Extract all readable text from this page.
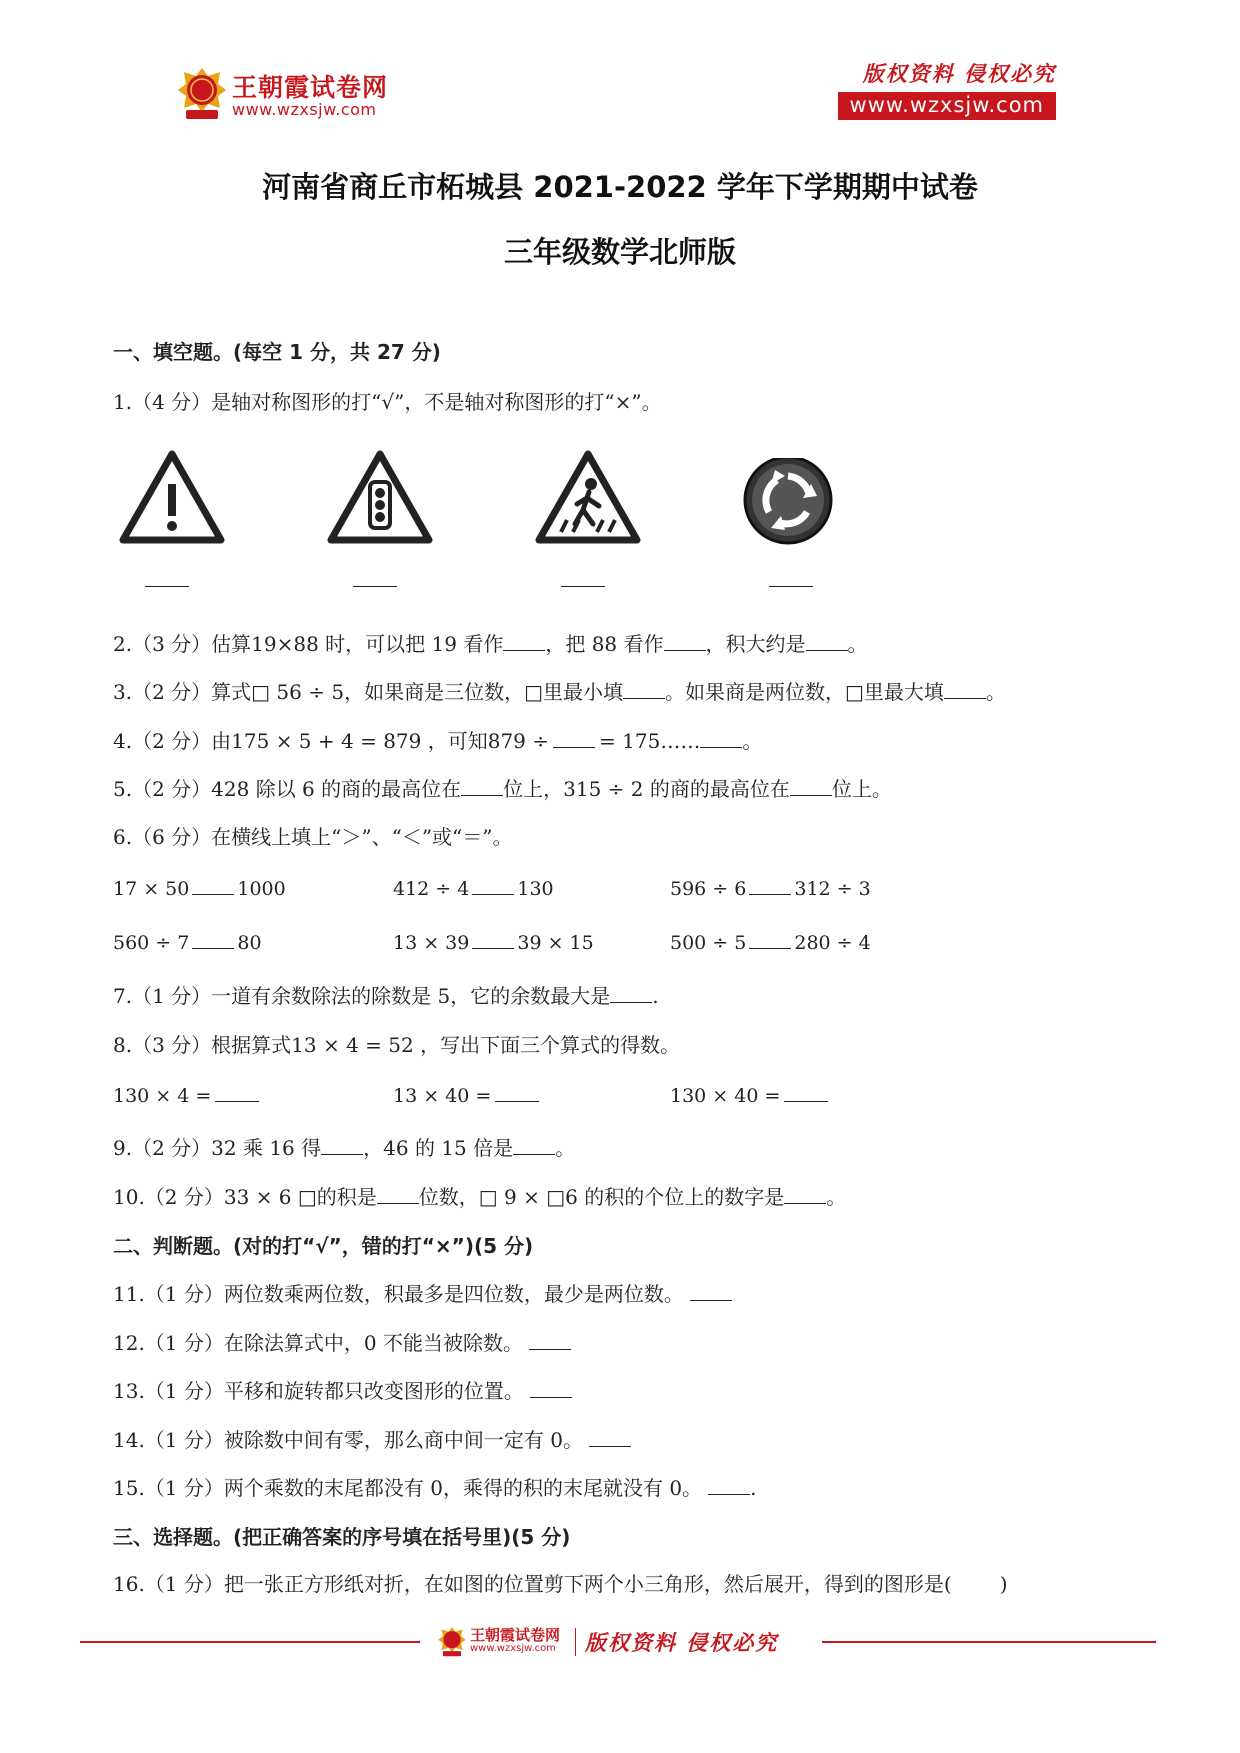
王朝霞试卷网
www.wzxsjw.com
版权资料 侵权必究
www.wzxsjw.com
河南省商丘市柘城县 2021-2022 学年下学期期中试卷
三年级数学北师版
一、填空题。(每空 1 分，共 27 分)
1.（4 分）是轴对称图形的打“√”，不是轴对称图形的打“×”。
2.（3 分）估算19×88 时，可以把 19 看作 ，把 88 看作 ，积大约是 。
3.（2 分）算式□ 56 ÷ 5，如果商是三位数，□里最小填 。如果商是两位数，□里最大填 。
4.（2 分）由175 × 5 + 4 = 879 ，可知879 ÷	= 175…… 。
5.（2 分）428 除以 6 的商的最高位在 位上，315 ÷ 2 的商的最高位在 位上。
6.（6 分）在横线上填上“＞”、“＜”或“＝”。
17 × 50	1000	412 ÷ 4	130	596 ÷ 6	312 ÷ 3
560 ÷ 7	80	13 × 39	39 × 15	500 ÷ 5	280 ÷ 4
7.（1 分）一道有余数除法的除数是 5，它的余数最大是 .
8.（3 分）根据算式13 × 4 = 52 ，写出下面三个算式的得数。
130 × 4 =	13 × 40 =	130 × 40 =
9.（2 分）32 乘 16 得 ，46 的 15 倍是 。
10.（2 分）33 × 6 □的积是 位数，□ 9 × □6 的积的个位上的数字是 。
二、判断题。(对的打“√”，错的打“×”)(5 分)
11.（1 分）两位数乘两位数，积最多是四位数，最少是两位数。
12.（1 分）在除法算式中，0 不能当被除数。
13.（1 分）平移和旋转都只改变图形的位置。
14.（1 分）被除数中间有零，那么商中间一定有 0。
15.（1 分）两个乘数的末尾都没有 0，乘得的积的末尾就没有 0。 .
三、选择题。(把正确答案的序号填在括号里)(5 分)
16.（1 分）把一张正方形纸对折，在如图的位置剪下两个小三角形，然后展开，得到的图形是( )
王朝霞试卷网
www.wzxsjw.com 版权资料 侵权必究
